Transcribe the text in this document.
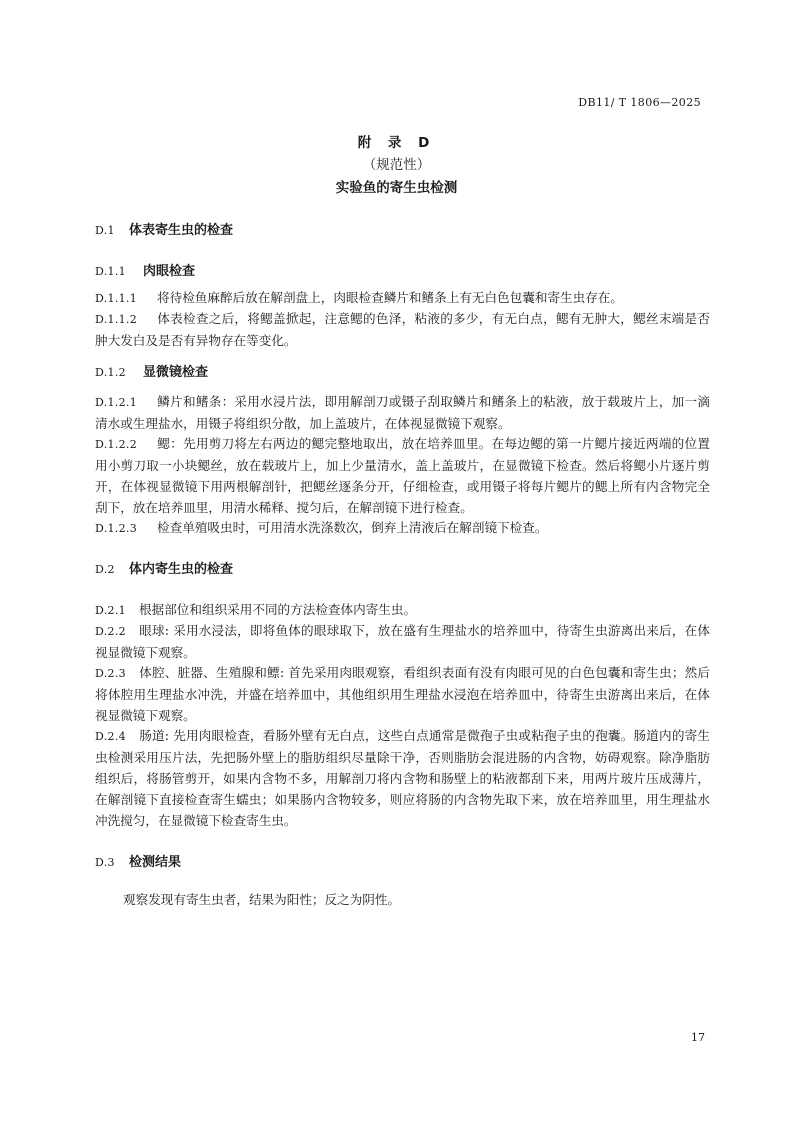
DB11/ T 1806—2025
附 录 D
（规范性）
实验鱼的寄生虫检测
D.1 体表寄生虫的检查
D.1.1 肉眼检查
D.1.1.1 将待检鱼麻醉后放在解剖盘上，肉眼检查鳞片和鳍条上有无白色包囊和寄生虫存在。
D.1.1.2 体表检查之后，将鳃盖掀起，注意鳃的色泽，粘液的多少，有无白点，鳃有无肿大，鳃丝末端是否肿大发白及是否有异物存在等变化。
D.1.2 显微镜检查
D.1.2.1 鳞片和鳍条：采用水浸片法，即用解剖刀或镊子刮取鳞片和鳍条上的粘液，放于载玻片上，加一滴清水或生理盐水，用镊子将组织分散，加上盖玻片，在体视显微镜下观察。
D.1.2.2 鳃：先用剪刀将左右两边的鳃完整地取出，放在培养皿里。在每边鳃的第一片鳃片接近两端的位置用小剪刀取一小块鳃丝，放在载玻片上，加上少量清水，盖上盖玻片，在显微镜下检查。然后将鳃小片逐片剪开，在体视显微镜下用两根解剖针，把鳃丝逐条分开，仔细检查，或用镊子将每片鳃片的鳃上所有内含物完全刮下，放在培养皿里，用清水稀释、搅匀后，在解剖镜下进行检查。
D.1.2.3 检查单殖吸虫时，可用清水洗涤数次，倒弃上清液后在解剖镜下检查。
D.2 体内寄生虫的检查
D.2.1 根据部位和组织采用不同的方法检查体内寄生虫。
D.2.2 眼球: 采用水浸法，即将鱼体的眼球取下，放在盛有生理盐水的培养皿中，待寄生虫游离出来后，在体视显微镜下观察。
D.2.3 体腔、脏器、生殖腺和鳔: 首先采用肉眼观察，看组织表面有没有肉眼可见的白色包囊和寄生虫；然后将体腔用生理盐水冲洗，并盛在培养皿中，其他组织用生理盐水浸泡在培养皿中，待寄生虫游离出来后，在体视显微镜下观察。
D.2.4 肠道: 先用肉眼检查，看肠外壁有无白点，这些白点通常是微孢子虫或粘孢子虫的孢囊。肠道内的寄生虫检测采用压片法，先把肠外壁上的脂肪组织尽量除干净，否则脂肪会混进肠的内含物，妨碍观察。除净脂肪组织后，将肠管剪开，如果内含物不多，用解剖刀将内含物和肠壁上的粘液都刮下来，用两片玻片压成薄片，在解剖镜下直接检查寄生蠕虫；如果肠内含物较多，则应将肠的内含物先取下来，放在培养皿里，用生理盐水冲洗搅匀，在显微镜下检查寄生虫。
D.3 检测结果
观察发现有寄生虫者，结果为阳性；反之为阴性。
17
